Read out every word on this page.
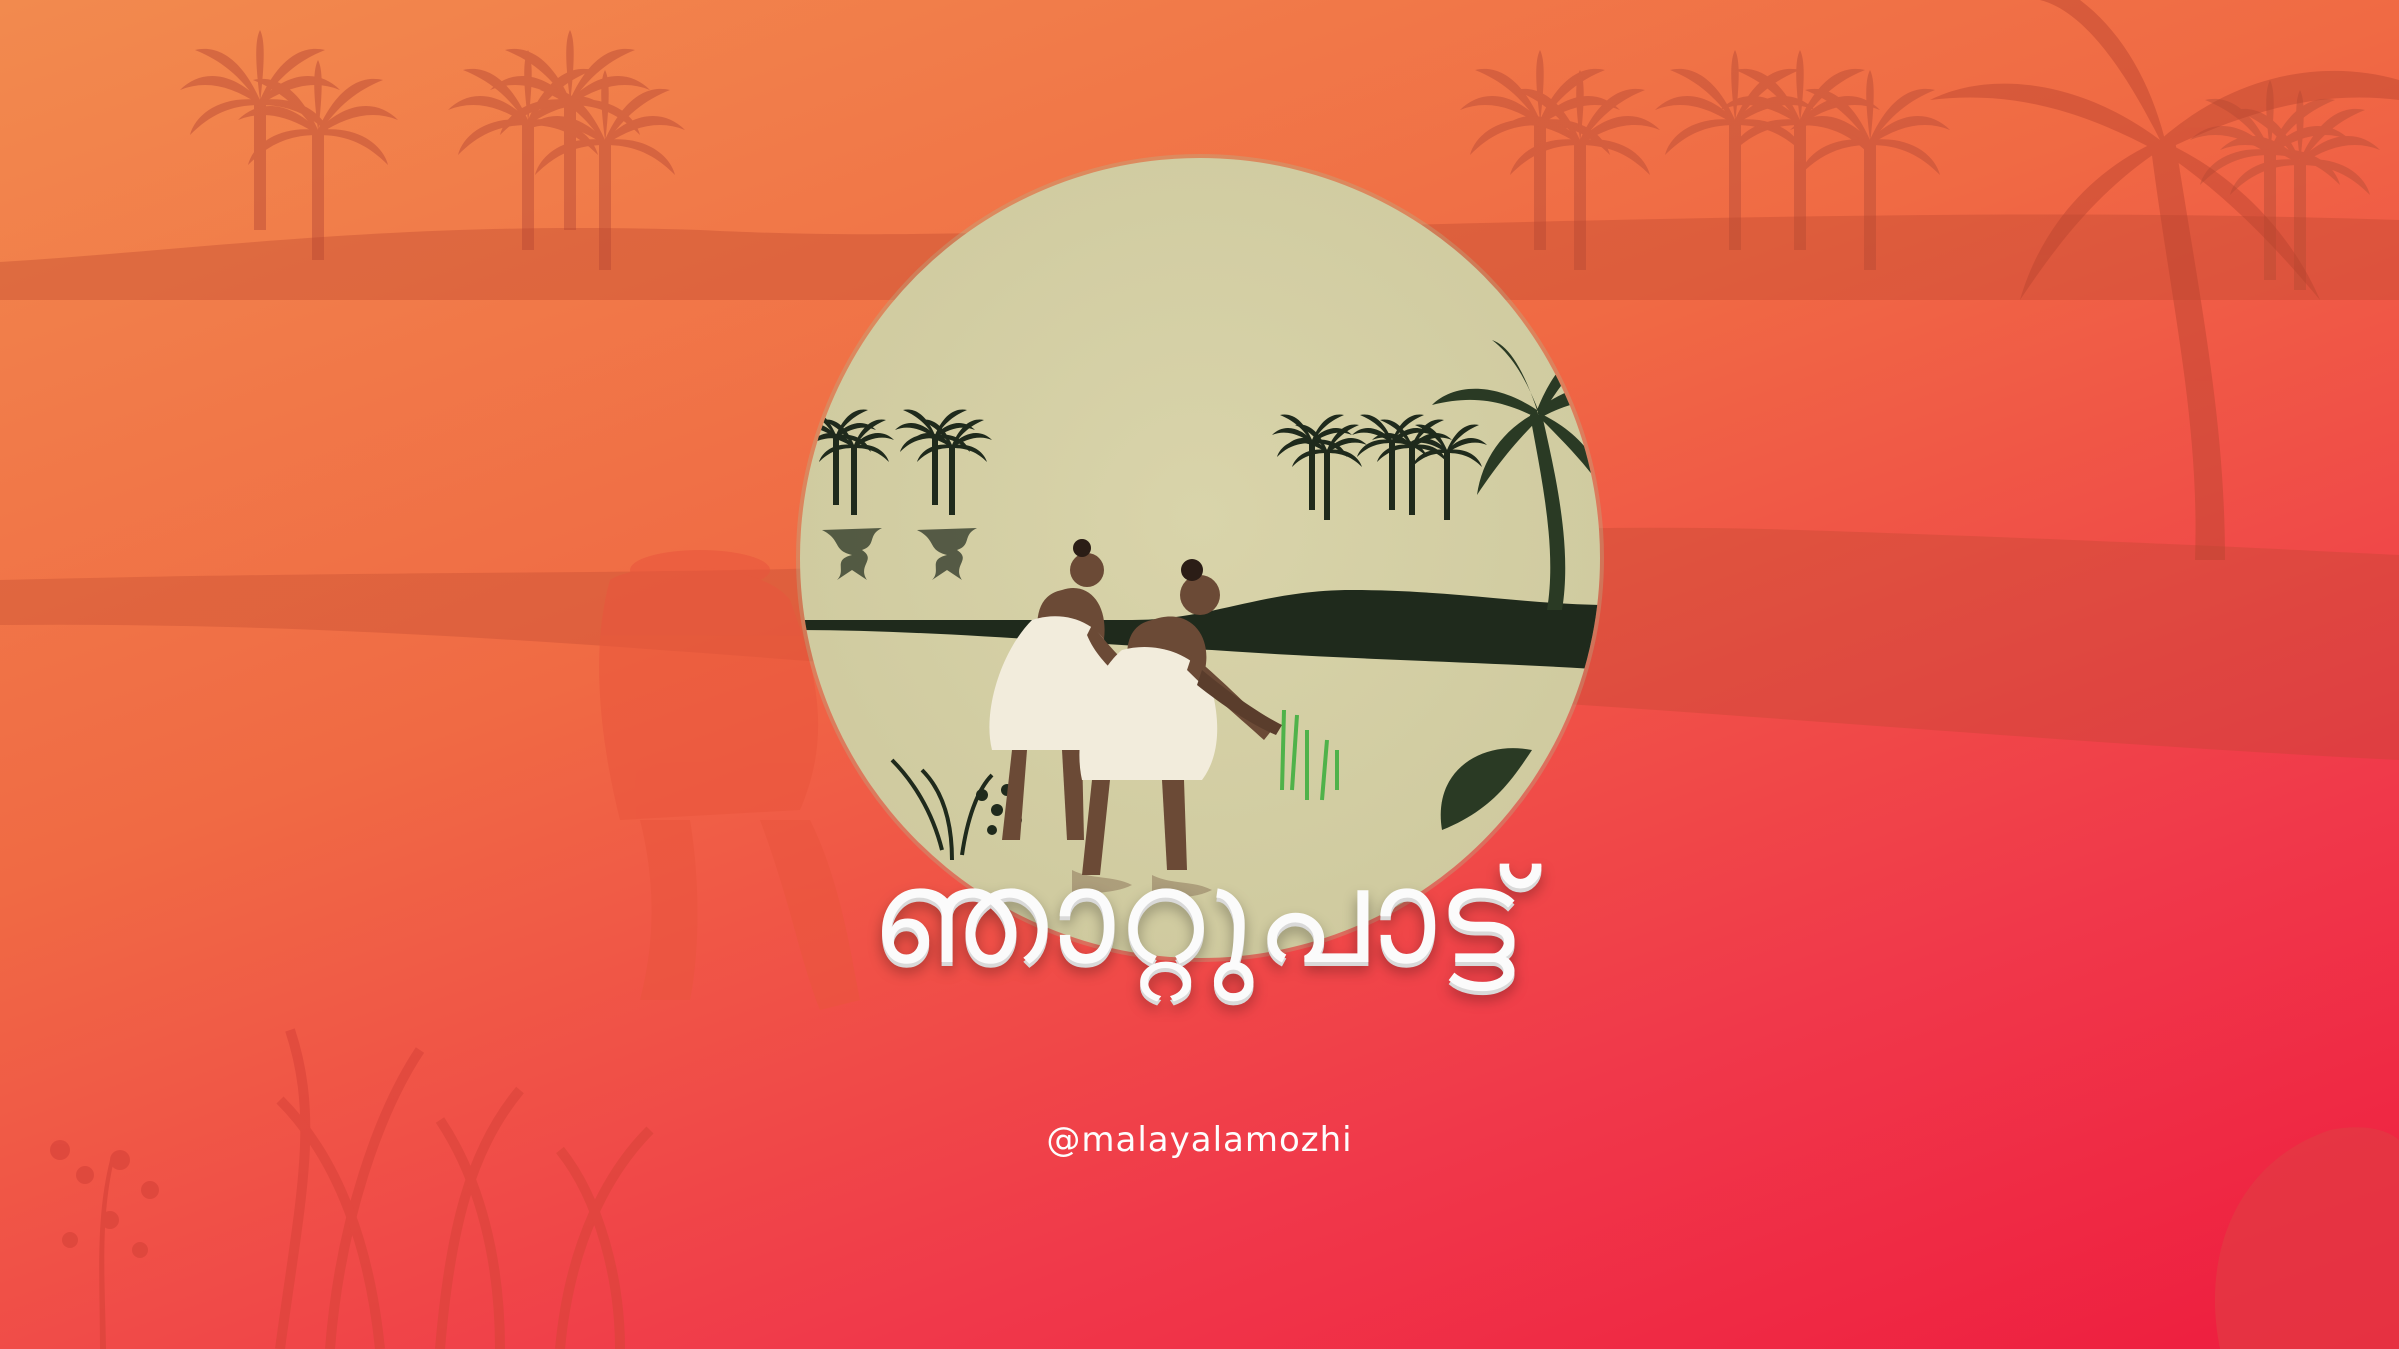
ഞാറ്റുപാട്ട്
@malayalamozhi
